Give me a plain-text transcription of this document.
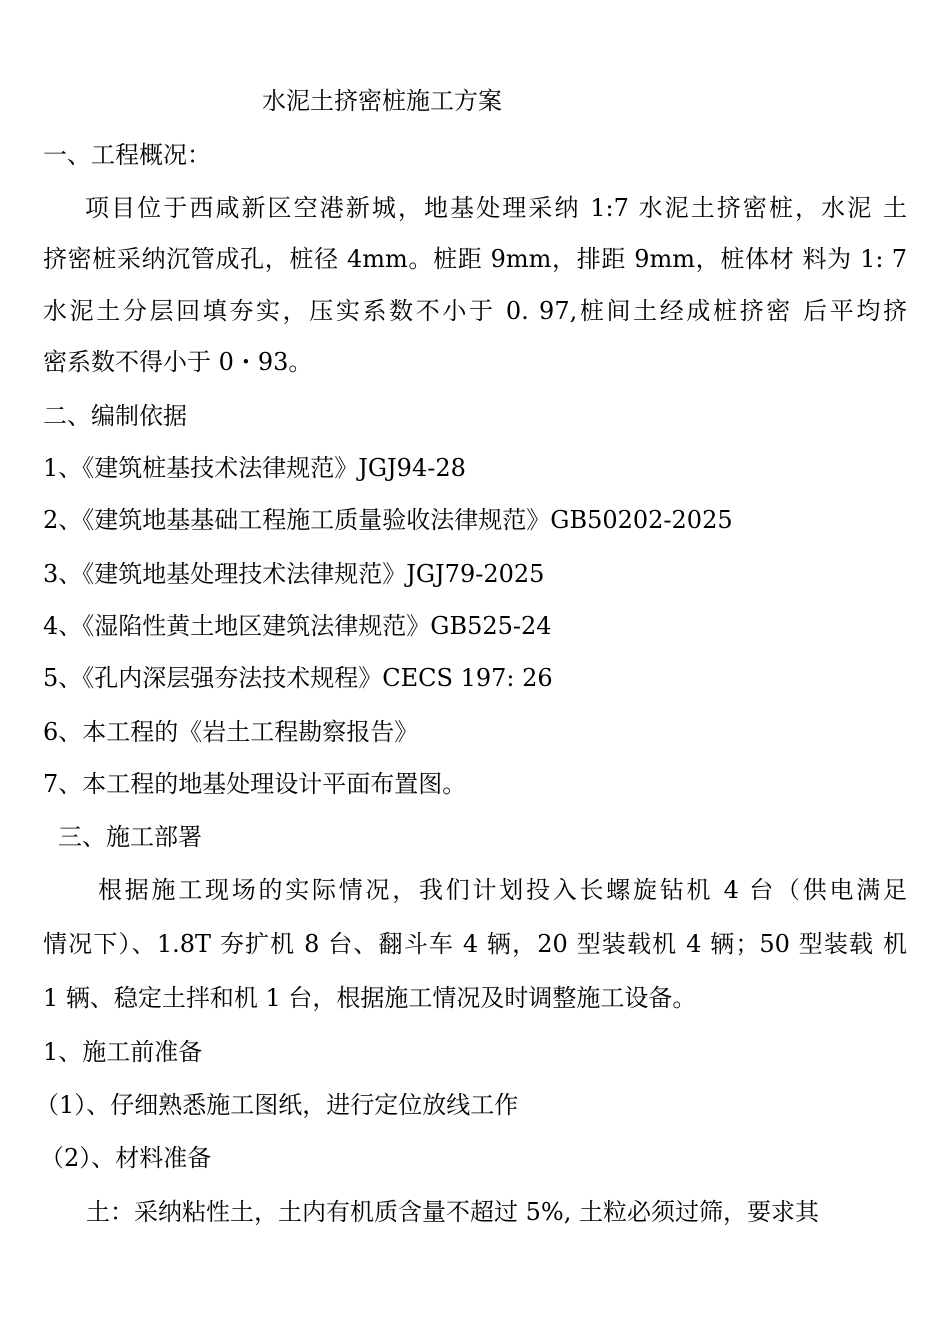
水泥土挤密桩施工方案
一、工程概况：
项目位于西咸新区空港新城，地基处理采纳 1:7 水泥土挤密桩，水泥 土
挤密桩采纳沉管成孔，桩径 4mm。桩距 9mm，排距 9mm，桩体材 料为 1: 7
水泥土分层回填夯实，压实系数不小于 0. 97,桩间土经成桩挤密 后平均挤
密系数不得小于 0・93。
二、编制依据
1、《建筑桩基技术法律规范》JGJ94-28
2、《建筑地基基础工程施工质量验收法律规范》GB50202-2025
3、《建筑地基处理技术法律规范》JGJ79-2025
4、《湿陷性黄土地区建筑法律规范》GB525-24
5、《孔内深层强夯法技术规程》CECS 197: 26
6、本工程的《岩土工程勘察报告》
7、本工程的地基处理设计平面布置图。
三、施工部署
根据施工现场的实际情况，我们计划投入长螺旋钻机 4 台（供电满足
情况下）、1.8T 夯扩机 8 台、翻斗车 4 辆，20 型装载机 4 辆；50 型装载 机
1 辆、稳定土拌和机 1 台，根据施工情况及时调整施工设备。
1、施工前准备
（1）、仔细熟悉施工图纸，进行定位放线工作
（2）、材料准备
土：采纳粘性土，土内有机质含量不超过 5%, 土粒必须过筛，要求其
